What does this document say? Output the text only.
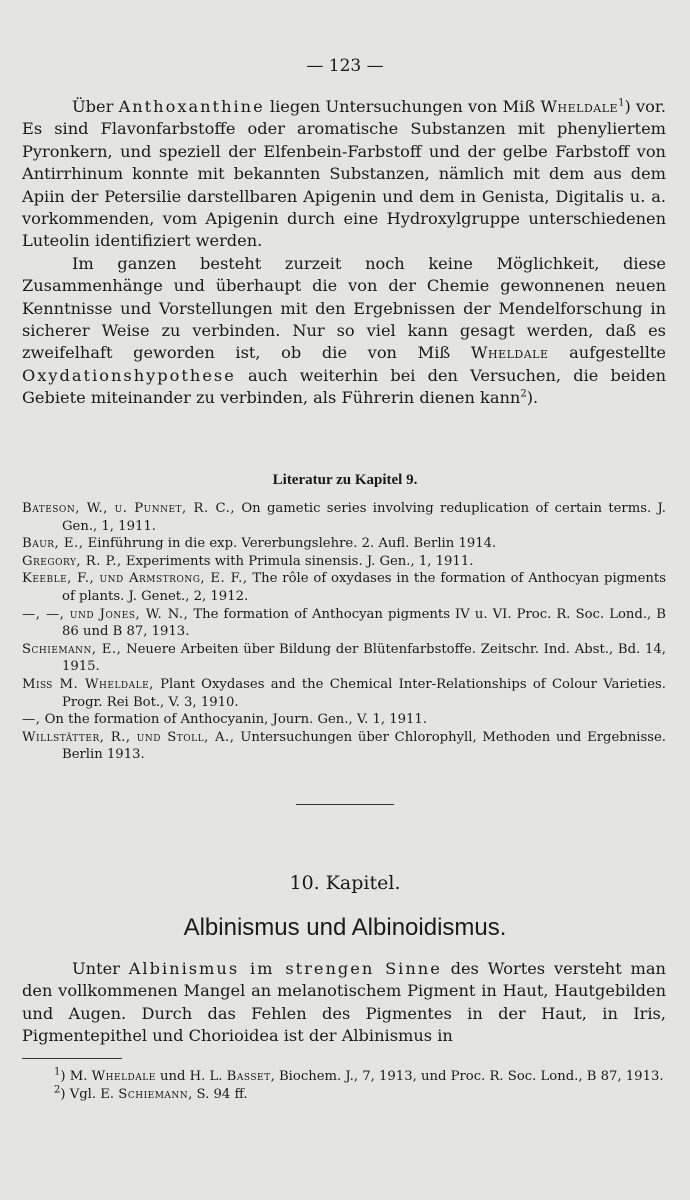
— 123 —

Über Anthoxanthine liegen Untersuchungen von Miß Wheldale$^1$) vor. Es sind Flavonfarbstoffe oder aromatische Substanzen mit phenyliertem Pyronkern, und speziell der Elfenbein-Farbstoff und der gelbe Farbstoff von Antirrhinum konnte mit bekannten Substanzen, nämlich mit dem aus dem Apiin der Petersilie darstellbaren Apigenin und dem in Genista, Digitalis u. a. vorkommenden, vom Apigenin durch eine Hydroxylgruppe unterschiedenen Luteolin identifiziert werden.

Im ganzen besteht zurzeit noch keine Möglichkeit, diese Zusammenhänge und überhaupt die von der Chemie gewonnenen neuen Kenntnisse und Vorstellungen mit den Ergebnissen der Mendelforschung in sicherer Weise zu verbinden. Nur so viel kann gesagt werden, daß es zweifelhaft geworden ist, ob die von Miß Wheldale aufgestellte Oxydationshypothese auch weiterhin bei den Versuchen, die beiden Gebiete miteinander zu verbinden, als Führerin dienen kann$^2$).

Literatur zu Kapitel 9.
Bateson, W., u. Punnet, R. C., On gametic series involving reduplication of certain terms. J. Gen., 1, 1911.
Baur, E., Einführung in die exp. Vererbungslehre. 2. Aufl. Berlin 1914.
Gregory, R. P., Experiments with Primula sinensis. J. Gen., 1, 1911.
Keeble, F., und Armstrong, E. F., The rôle of oxydases in the formation of Anthocyan pigments of plants. J. Genet., 2, 1912.
—, —, und Jones, W. N., The formation of Anthocyan pigments IV u. VI. Proc. R. Soc. Lond., B 86 und B 87, 1913.
Schiemann, E., Neuere Arbeiten über Bildung der Blütenfarbstoffe. Zeitschr. Ind. Abst., Bd. 14, 1915.
Miß M. Wheldale, Plant Oxydases and the Chemical Inter-Relationships of Colour Varieties. Progr. Rei Bot., V. 3, 1910.
—, On the formation of Anthocyanin, Journ. Gen., V. 1, 1911.
Willstätter, R., und Stoll, A., Untersuchungen über Chlorophyll, Methoden und Ergebnisse. Berlin 1913.
10. Kapitel.
Albinismus und Albinoidismus.

Unter Albinismus im strengen Sinne des Wortes versteht man den vollkommenen Mangel an melanotischem Pigment in Haut, Hautgebilden und Augen. Durch das Fehlen des Pigmentes in der Haut, in Iris, Pigmentepithel und Chorioidea ist der Albinismus in

$^1$) M. Wheldale und H. L. Basset, Biochem. J., 7, 1913, und Proc. R. Soc. Lond., B 87, 1913.
$^2$) Vgl. E. Schiemann, S. 94 ff.
